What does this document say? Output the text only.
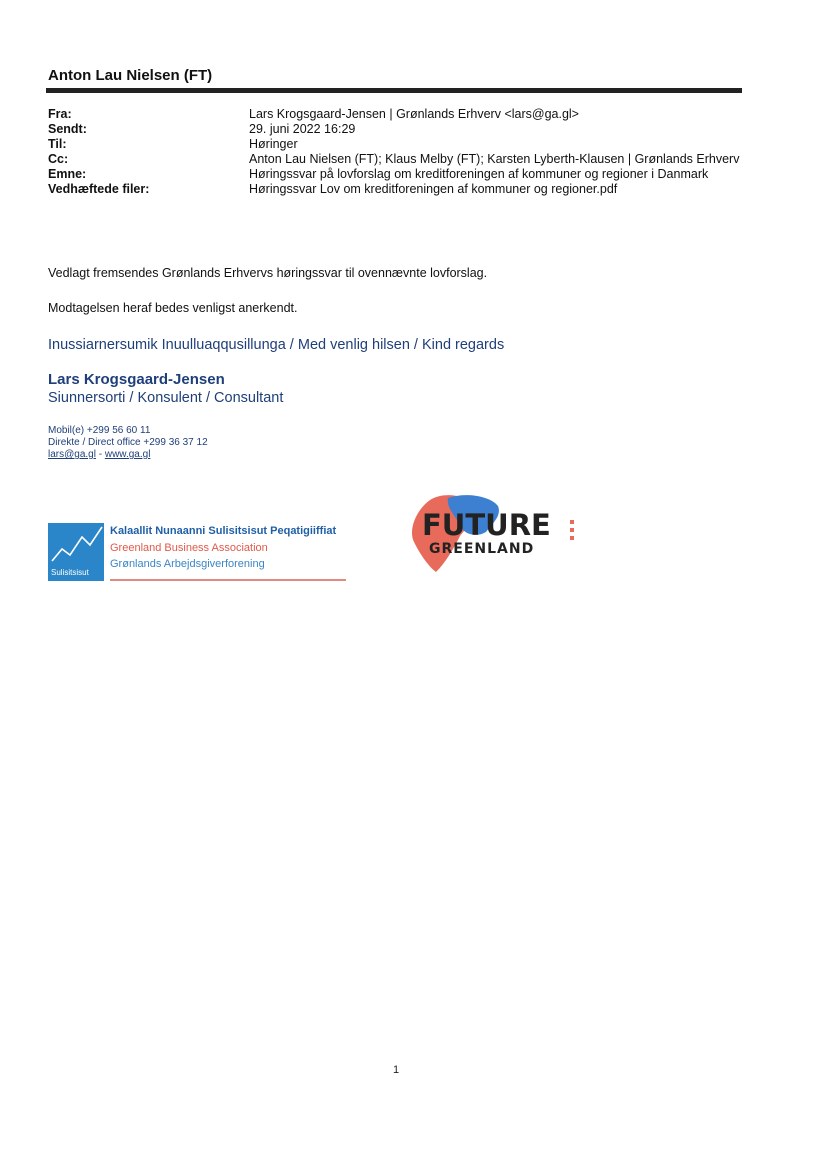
Anton Lau Nielsen (FT)
Fra:	Lars Krogsgaard-Jensen | Grønlands Erhverv <lars@ga.gl>
Sendt:	29. juni 2022 16:29
Til:	Høringer
Cc:	Anton Lau Nielsen (FT); Klaus Melby (FT); Karsten Lyberth-Klausen | Grønlands Erhverv
Emne:	Høringssvar på lovforslag om kreditforeningen af kommuner og regioner i Danmark
Vedhæftede filer:	Høringssvar Lov om kreditforeningen af kommuner og regioner.pdf
Vedlagt fremsendes Grønlands Erhvervs høringssvar til ovennævnte lovforslag.
Modtagelsen heraf bedes venligst anerkendt.
Inussiarnersumik Inuulluaqqusillunga / Med venlig hilsen / Kind regards
Lars Krogsgaard-Jensen
Siunnersorti / Konsulent / Consultant
Mobil(e) +299 56 60 11
Direkte / Direct office +299 36 37 12
lars@ga.gl - www.ga.gl
Sulisitsisut
Kalaallit Nunaanni Sulisitsisut Peqatigiiffiat
Greenland Business Association
Grønlands Arbejdsgiverforening
FUTURE
GREENLAND
1
